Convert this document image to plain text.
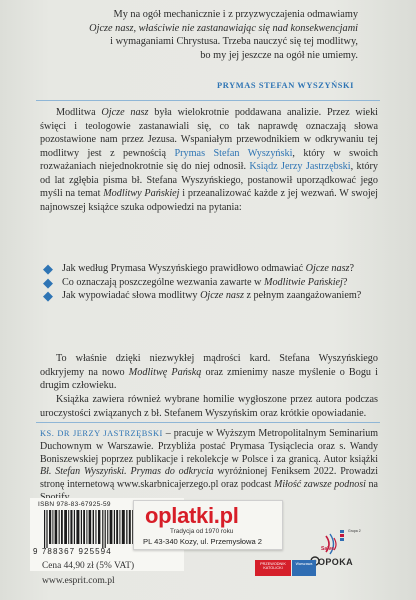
My na ogół mechanicznie i z przyzwyczajenia odmawiamy
Ojcze nasz, właściwie nie zastanawiając się nad konsekwencjami
i wymaganiami Chrystusa. Trzeba nauczyć się tej modlitwy,
bo my jej jeszcze na ogół nie umiemy.
PRYMAS STEFAN WYSZYŃSKI
Modlitwa Ojcze nasz była wielokrotnie poddawana analizie. Przez wieki święci i teologowie zastanawiali się, co tak naprawdę oznaczają słowa pozostawione nam przez Jezusa. Wspaniałym przewodnikiem w odkrywaniu tej modlitwy jest z pewnością Prymas Stefan Wyszyński, który w swoich rozważaniach niejednokrotnie się do niej odnosił. Ksiądz Jerzy Jastrzębski, który od lat zgłębia pisma bł. Stefana Wyszyńskiego, postanowił uporządkować jego myśli na temat Modlitwy Pańskiej i przeanalizować każde z jej wezwań. W swojej najnowszej książce szuka odpowiedzi na pytania:
◆ Jak według Prymasa Wyszyńskiego prawidłowo odmawiać Ojcze nasz?
◆ Co oznaczają poszczególne wezwania zawarte w Modlitwie Pańskiej?
◆ Jak wypowiadać słowa modlitwy Ojcze nasz z pełnym zaangażowaniem?
To właśnie dzięki niezwykłej mądrości kard. Stefana Wyszyńskiego odkryjemy na nowo Modlitwę Pańską oraz zmienimy nasze myślenie o Bogu i drugim człowieku.
Książka zawiera również wybrane homilie wygłoszone przez autora podczas uroczystości związanych z bł. Stefanem Wyszyńskim oraz krótkie opowiadanie.
KS. DR JERZY JASTRZĘBSKI – pracuje w Wyższym Metropolitalnym Seminarium Duchownym w Warszawie. Przybliża postać Prymasa Tysiąclecia oraz s. Wandy Boniszewskiej poprzez publikacje i rekolekcje w Polsce i za granicą. Autor książki Bł. Stefan Wyszyński. Prymas do odkrycia wyróżnionej Feniksem 2022. Prowadzi stronę internetową www.skarbnicajerzego.pl oraz podcast Miłość zawsze podnosi na
ISBN 978-83-67925-59
9 788367 925594
Cena 44,90 zł (5% VAT)
www.esprit.com.pl
Salve
Grupa 2
PRZEWODNIK KATOLICKI
Warszawa OPOKA
oplatki.pl
Tradycja od 1970 roku
PL 43-340 Kozy, ul. Przemysłowa 2
